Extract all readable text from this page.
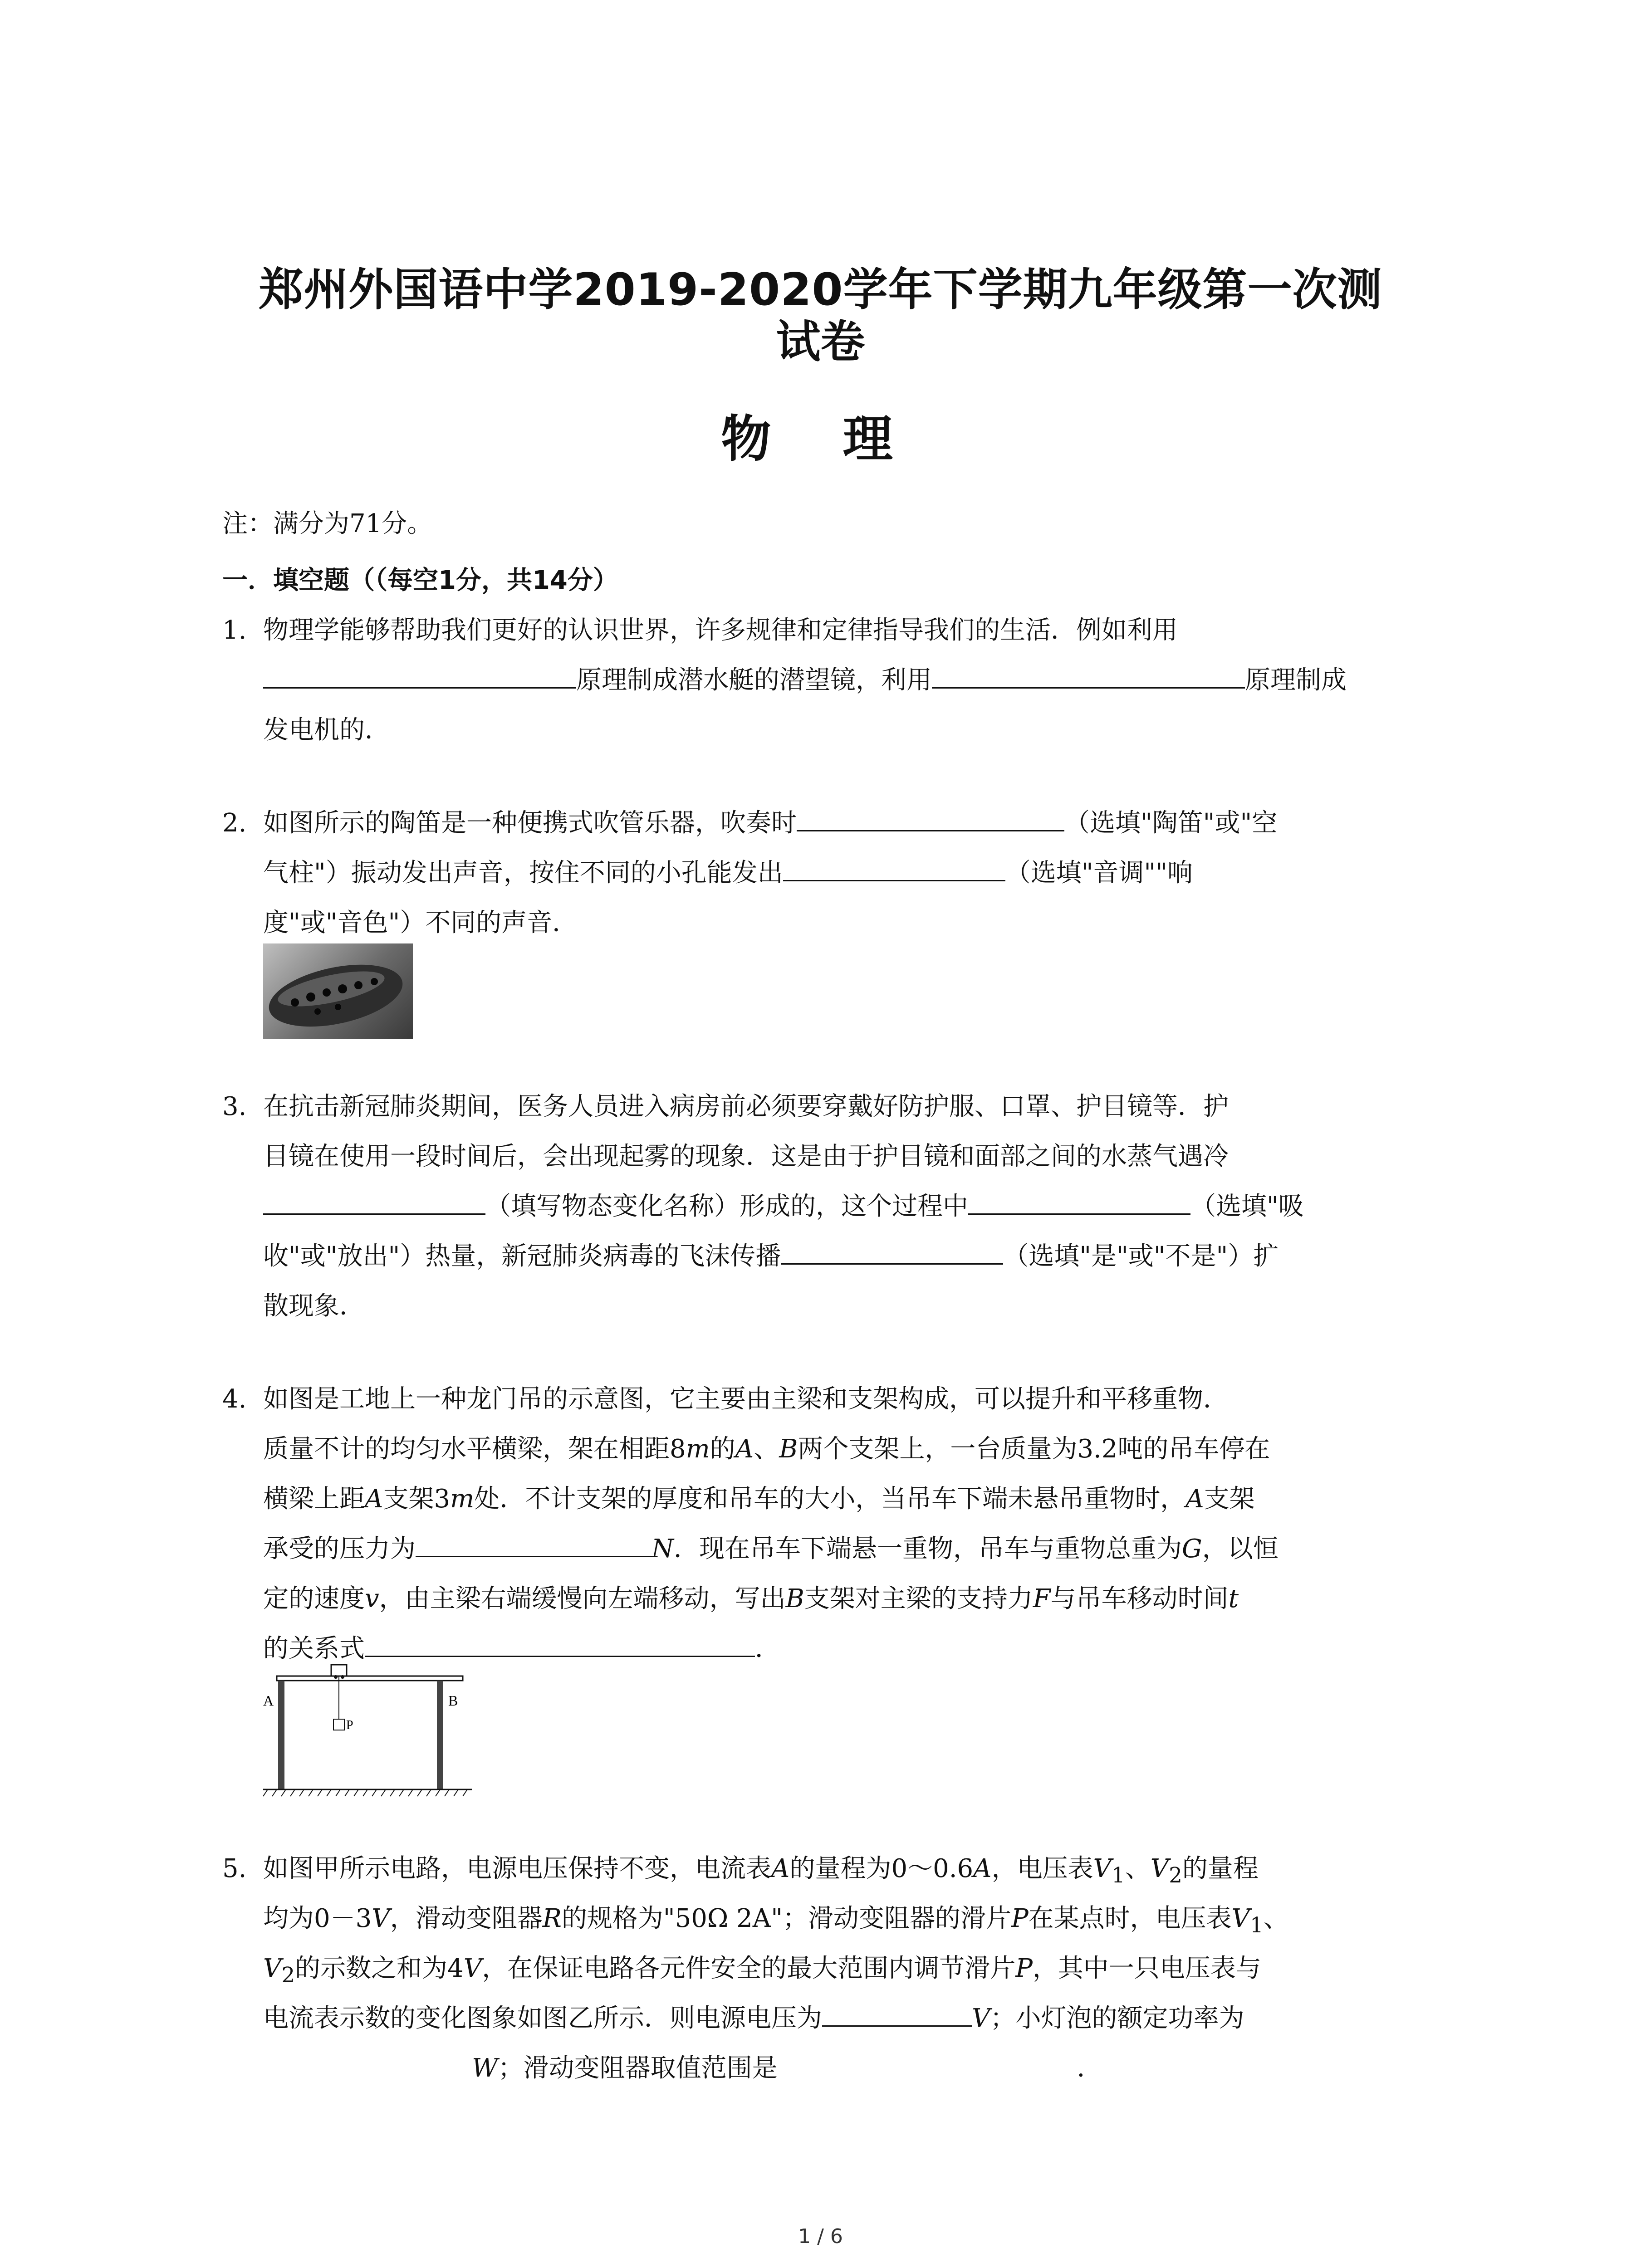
郑州外国语中学2019-2020学年下学期九年级第一次测
试卷
物 理
注：满分为71分。
一．填空题（（每空1分，共14分）
1. 物理学能够帮助我们更好的认识世界，许多规律和定律指导我们的生活．例如利用
原理制成潜水艇的潜望镜，利用	原理制成
发电机的．
2. 如图所示的陶笛是一种便携式吹管乐器，吹奏时	（选填"陶笛"或"空
气柱"）振动发出声音，按住不同的小孔能发出	（选填"音调""响
度"或"音色"）不同的声音．
3. 在抗击新冠肺炎期间，医务人员进入病房前必须要穿戴好防护服、口罩、护目镜等．护
目镜在使用一段时间后，会出现起雾的现象．这是由于护目镜和面部之间的水蒸气遇冷
（填写物态变化名称）形成的，这个过程中	（选填"吸
收"或"放出"）热量，新冠肺炎病毒的飞沫传播	（选填"是"或"不是"）扩
散现象．
4. 如图是工地上一种龙门吊的示意图，它主要由主梁和支架构成，可以提升和平移重物．
质量不计的均匀水平横梁，架在相距8m的A、B两个支架上，一台质量为3.2吨的吊车停在
横梁上距A支架3m处．不计支架的厚度和吊车的大小，当吊车下端未悬吊重物时，A支架
承受的压力为	N．现在吊车下端悬一重物，吊车与重物总重为G，以恒
定的速度v，由主梁右端缓慢向左端移动，写出B支架对主梁的支持力F与吊车移动时间t
的关系式	．
A	B
P
5. 如图甲所示电路，电源电压保持不变，电流表A的量程为0～0.6A，电压表$V_1$、$V_2$的量程
均为0－3V，滑动变阻器R的规格为"50Ω 2A"；滑动变阻器的滑片P在某点时，电压表$V_1$、
$V_2$的示数之和为4V，在保证电路各元件安全的最大范围内调节滑片P，其中一只电压表与
电流表示数的变化图象如图乙所示．则电源电压为	V；小灯泡的额定功率为
W；滑动变阻器取值范围是	．
1 / 6
